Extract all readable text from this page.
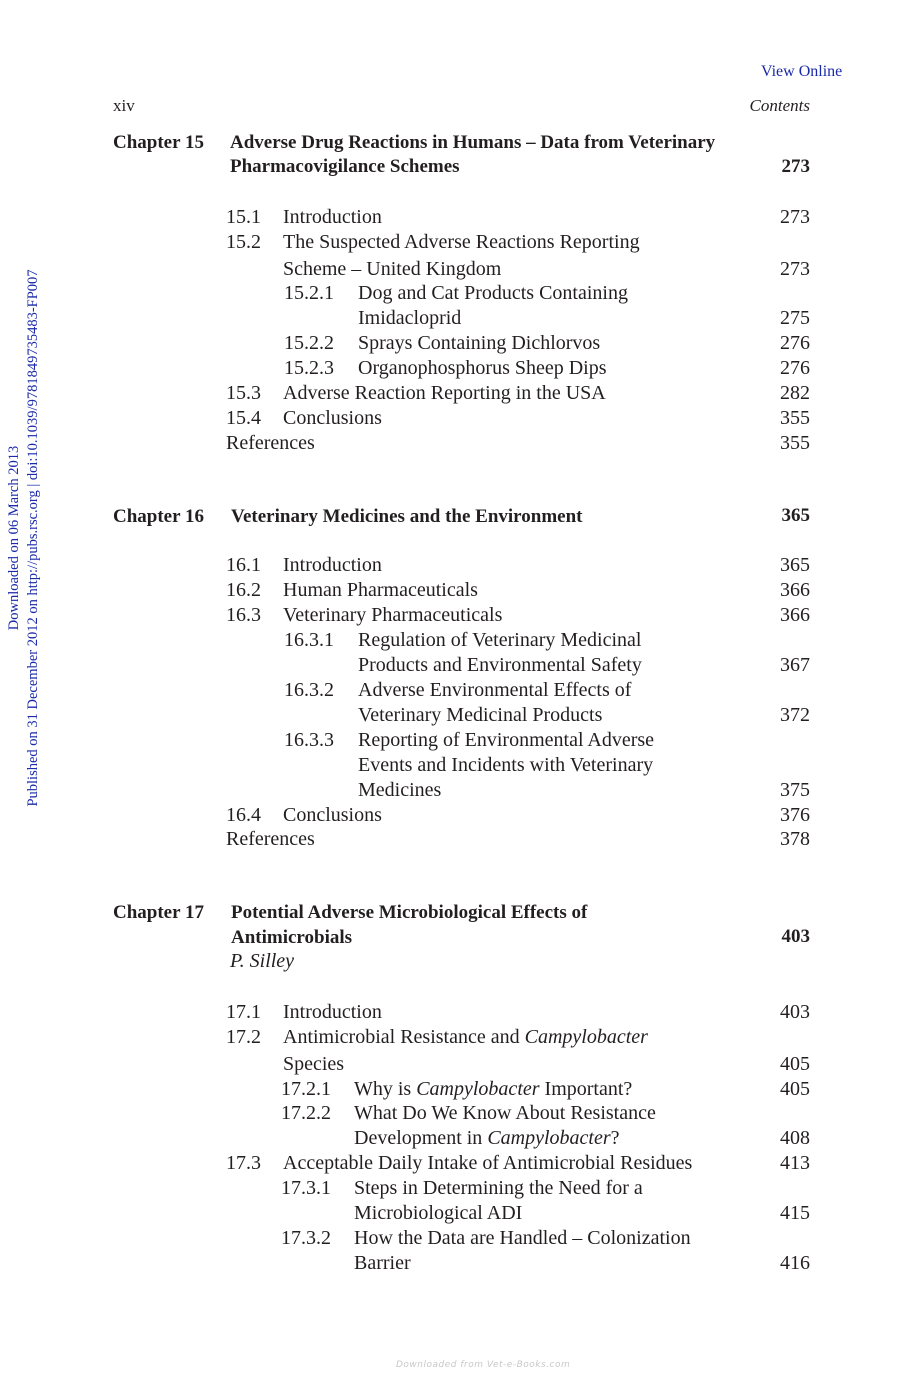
View Online
xiv	Contents
Downloaded on 06 March 2013 Published on 31 December 2012 on http://pubs.rsc.org | doi:10.1039/9781849735483-FP007
Chapter 15 Adverse Drug Reactions in Humans – Data from Veterinary
Pharmacovigilance Schemes	273
15.1 Introduction	273
15.2 The Suspected Adverse Reactions Reporting
Scheme – United Kingdom	273
15.2.1 Dog and Cat Products Containing
Imidacloprid	275
15.2.2 Sprays Containing Dichlorvos	276
15.2.3 Organophosphorus Sheep Dips	276
15.3 Adverse Reaction Reporting in the USA	282
15.4 Conclusions	355
References	355
Chapter 16 Veterinary Medicines and the Environment	365
16.1 Introduction	365
16.2 Human Pharmaceuticals	366
16.3 Veterinary Pharmaceuticals	366
16.3.1 Regulation of Veterinary Medicinal
Products and Environmental Safety	367
16.3.2 Adverse Environmental Effects of
Veterinary Medicinal Products	372
16.3.3 Reporting of Environmental Adverse
Events and Incidents with Veterinary
Medicines	375
16.4 Conclusions	376
References	378
Chapter 17 Potential Adverse Microbiological Effects of
Antimicrobials	403
P. Silley
17.1 Introduction	403
17.2 Antimicrobial Resistance and Campylobacter
Species	405
17.2.1 Why is Campylobacter Important?	405
17.2.2 What Do We Know About Resistance
Development in Campylobacter?	408
17.3 Acceptable Daily Intake of Antimicrobial Residues	413
17.3.1 Steps in Determining the Need for a
Microbiological ADI	415
17.3.2 How the Data are Handled – Colonization
Barrier	416
Downloaded from Vet-e-Books.com
